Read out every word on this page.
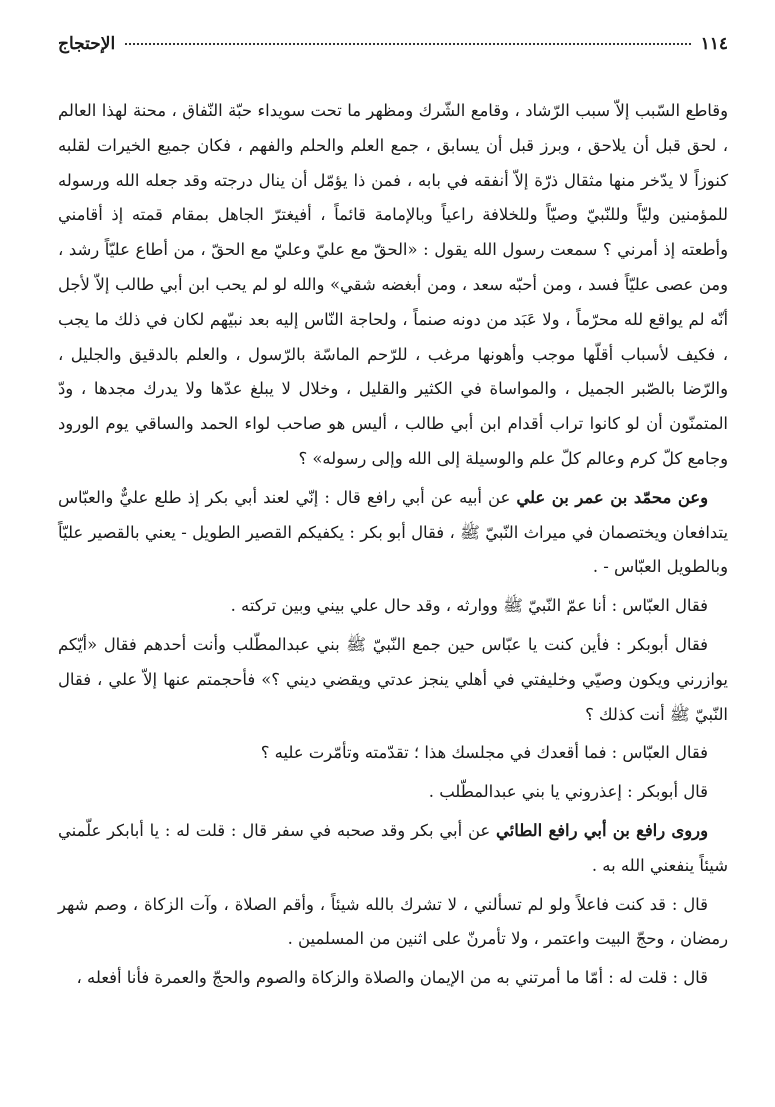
١١٤
الإحتجاج

وقاطع السّبب إلاّ سبب الرّشاد ، وقامع الشّرك ومظهر ما تحت سويداء حبّة النّفاق ، محنة لهذا العالم ، لحق قبل أن يلاحق ، وبرز قبل أن يسابق ، جمع العلم والحلم والفهم ، فكان جميع الخيرات لقلبه كنوزاً لا يدّخر منها مثقال ذرّة إلاّ أنفقه في بابه ، فمن ذا يؤمّل أن ينال درجته وقد جعله الله ورسوله للمؤمنين وليّاً وللنّبيّ وصيّاً وللخلافة راعياً وبالإمامة قائماً ، أفيغترّ الجاهل بمقام قمته إذ أقامني وأطعته إذ أمرني ؟ سمعت رسول الله يقول : «الحقّ مع عليّ وعليّ مع الحقّ ، من أطاع عليّاً رشد ، ومن عصى عليّاً فسد ، ومن أحبّه سعد ، ومن أبغضه شقي» والله لو لم يحب ابن أبي طالب إلاّ لأجل أنّه لم يواقع لله محرّماً ، ولا عَبَد من دونه صنماً ، ولحاجة النّاس إليه بعد نبيّهم لكان في ذلك ما يجب ، فكيف لأسباب أقلّها موجب وأهونها مرغب ، للرّحم الماسّة بالرّسول ، والعلم بالدقيق والجليل ، والرّضا بالصّبر الجميل ، والمواساة في الكثير والقليل ، وخلال لا يبلغ عدّها ولا يدرك مجدها ، ودّ المتمنّون أن لو كانوا تراب أقدام ابن أبي طالب ، أليس هو صاحب لواء الحمد والساقي يوم الورود وجامع كلّ كرم وعالم كلّ علم والوسيلة إلى الله وإلى رسوله» ؟

وعن محمّد بن عمر بن علي عن أبيه عن أبي رافع قال : إنّي لعند أبي بكر إذ طلع عليٌّ والعبّاس يتدافعان ويختصمان في ميراث النّبيّ ﷺ ، فقال أبو بكر : يكفيكم القصير الطويل - يعني بالقصير عليّاً وبالطويل العبّاس - .

فقال العبّاس : أنا عمّ النّبيّ ﷺ ووارثه ، وقد حال علي بيني وبين تركته .

فقال أبوبكر : فأين كنت يا عبّاس حين جمع النّبيّ ﷺ بني عبدالمطّلب وأنت أحدهم فقال «أيّكم يوازرني ويكون وصيّي وخليفتي في أهلي ينجز عدتي ويقضي ديني ؟» فأحجمتم عنها إلاّ علي ، فقال النّبيّ ﷺ أنت كذلك ؟

فقال العبّاس : فما أقعدك في مجلسك هذا ؛ تقدّمته وتأمّرت عليه ؟

قال أبوبكر : إعذروني يا بني عبدالمطّلب .

وروى رافع بن أبي رافع الطائي عن أبي بكر وقد صحبه في سفر قال : قلت له : يا أبابكر علّمني شيئاً ينفعني الله به .

قال : قد كنت فاعلاً ولو لم تسألني ، لا تشرك بالله شيئاً ، وأقم الصلاة ، وآت الزكاة ، وصم شهر رمضان ، وحجّ البيت واعتمر ، ولا تأمرنّ على اثنين من المسلمين .

قال : قلت له : أمّا ما أمرتني به من الإيمان والصلاة والزكاة والصوم والحجّ والعمرة فأنا أفعله ،
